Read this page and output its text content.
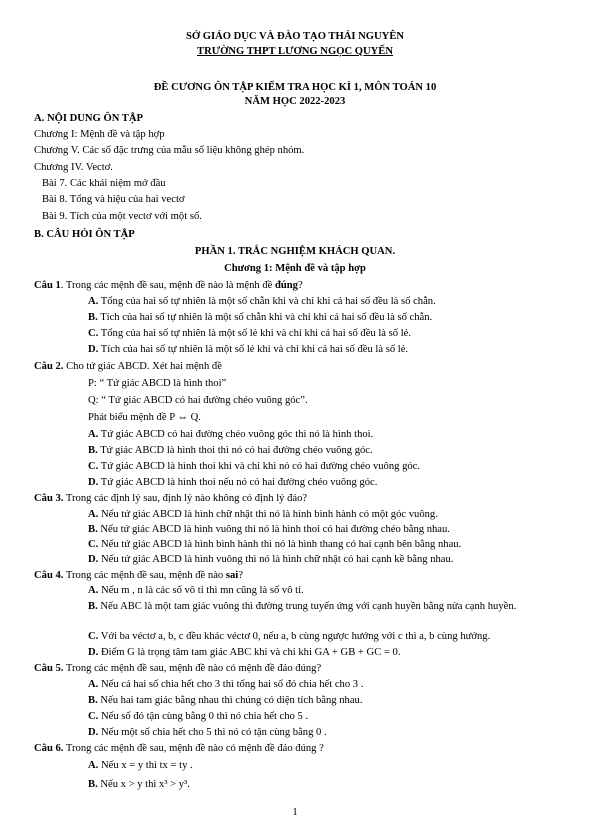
SỞ GIÁO DỤC VÀ ĐÀO TẠO THÁI NGUYÊN
TRƯỜNG THPT LƯƠNG NGỌC QUYẾN
ĐỀ CƯƠNG ÔN TẬP KIỂM TRA HỌC KÌ 1, MÔN TOÁN 10
NĂM HỌC 2022-2023
A. NỘI DUNG ÔN TẬP
Chương I: Mệnh đề và tập hợp
Chương V. Các số đặc trưng của mẫu số liệu không ghép nhóm.
Chương IV. Vectơ.
Bài 7. Các khái niệm mở đầu
Bài 8. Tổng và hiệu của hai vectơ
Bài 9. Tích của một vectơ với một số.
B. CÂU HỎI ÔN TẬP
PHẦN 1. TRẮC NGHIỆM KHÁCH QUAN.
Chương 1: Mệnh đề và tập hợp
Câu 1. Trong các mệnh đề sau, mệnh đề nào là mệnh đề đúng?
A. Tổng của hai số tự nhiên là một số chẵn khi và chỉ khi cả hai số đều là số chẵn.
B. Tích của hai số tự nhiên là một số chẵn khi và chỉ khi cả hai số đều là số chẵn.
C. Tổng của hai số tự nhiên là một số lẻ khi và chỉ khi cả hai số đều là số lẻ.
D. Tích của hai số tự nhiên là một số lẻ khi và chỉ khi cả hai số đều là số lẻ.
Câu 2. Cho tứ giác ABCD. Xét hai mệnh đề
P: “ Tứ giác ABCD là hình thoi”
Q: “ Tứ giác ABCD có hai đường chéo vuông góc”.
Phát biểu mệnh đề P ⇔ Q.
A. Tứ giác ABCD có hai đường chéo vuông góc thì nó là hình thoi.
B. Tứ giác ABCD là hình thoi thì nó có hai đường chéo vuông góc.
C. Tứ giác ABCD là hình thoi khi và chỉ khi nó có hai đường chéo vuông góc.
D. Tứ giác ABCD là hình thoi nếu nó có hai đường chéo vuông góc.
Câu 3. Trong các định lý sau, định lý nào không có định lý đảo?
A. Nếu tứ giác ABCD là hình chữ nhật thì nó là hình bình hành có một góc vuông.
B. Nếu tứ giác ABCD là hình vuông thì nó là hình thoi có hai đường chéo bằng nhau.
C. Nếu tứ giác ABCD là hình bình hành thì nó là hình thang có hai cạnh bên bằng nhau.
D. Nếu tứ giác ABCD là hình vuông thì nó là hình chữ nhật có hai cạnh kề bằng nhau.
Câu 4. Trong các mệnh đề sau, mệnh đề nào sai?
A. Nếu m , n là các số vô tỉ thì mn cũng là số vô tỉ.
B. Nếu ABC là một tam giác vuông thì đường trung tuyến ứng với cạnh huyền bằng nửa cạnh huyền.
C. Với ba véctơ a, b, c đều khác véctơ 0, nếu a, b cùng ngược hướng với c thì a, b cùng hướng.
D. Điểm G là trọng tâm tam giác ABC khi và chỉ khi GA + GB + GC = 0.
Câu 5. Trong các mệnh đề sau, mệnh đề nào có mệnh đề đảo đúng?
A. Nếu cả hai số chia hết cho 3 thì tổng hai số đó chia hết cho 3 .
B. Nếu hai tam giác bằng nhau thì chúng có diện tích bằng nhau.
C. Nếu số đó tận cùng bằng 0 thì nó chia hết cho 5 .
D. Nếu một số chia hết cho 5 thì nó có tận cùng bằng 0 .
Câu 6. Trong các mệnh đề sau, mệnh đề nào có mệnh đề đảo đúng ?
A. Nếu x = y thì tx = ty .
B. Nếu x > y thì x³ > y³.
1
